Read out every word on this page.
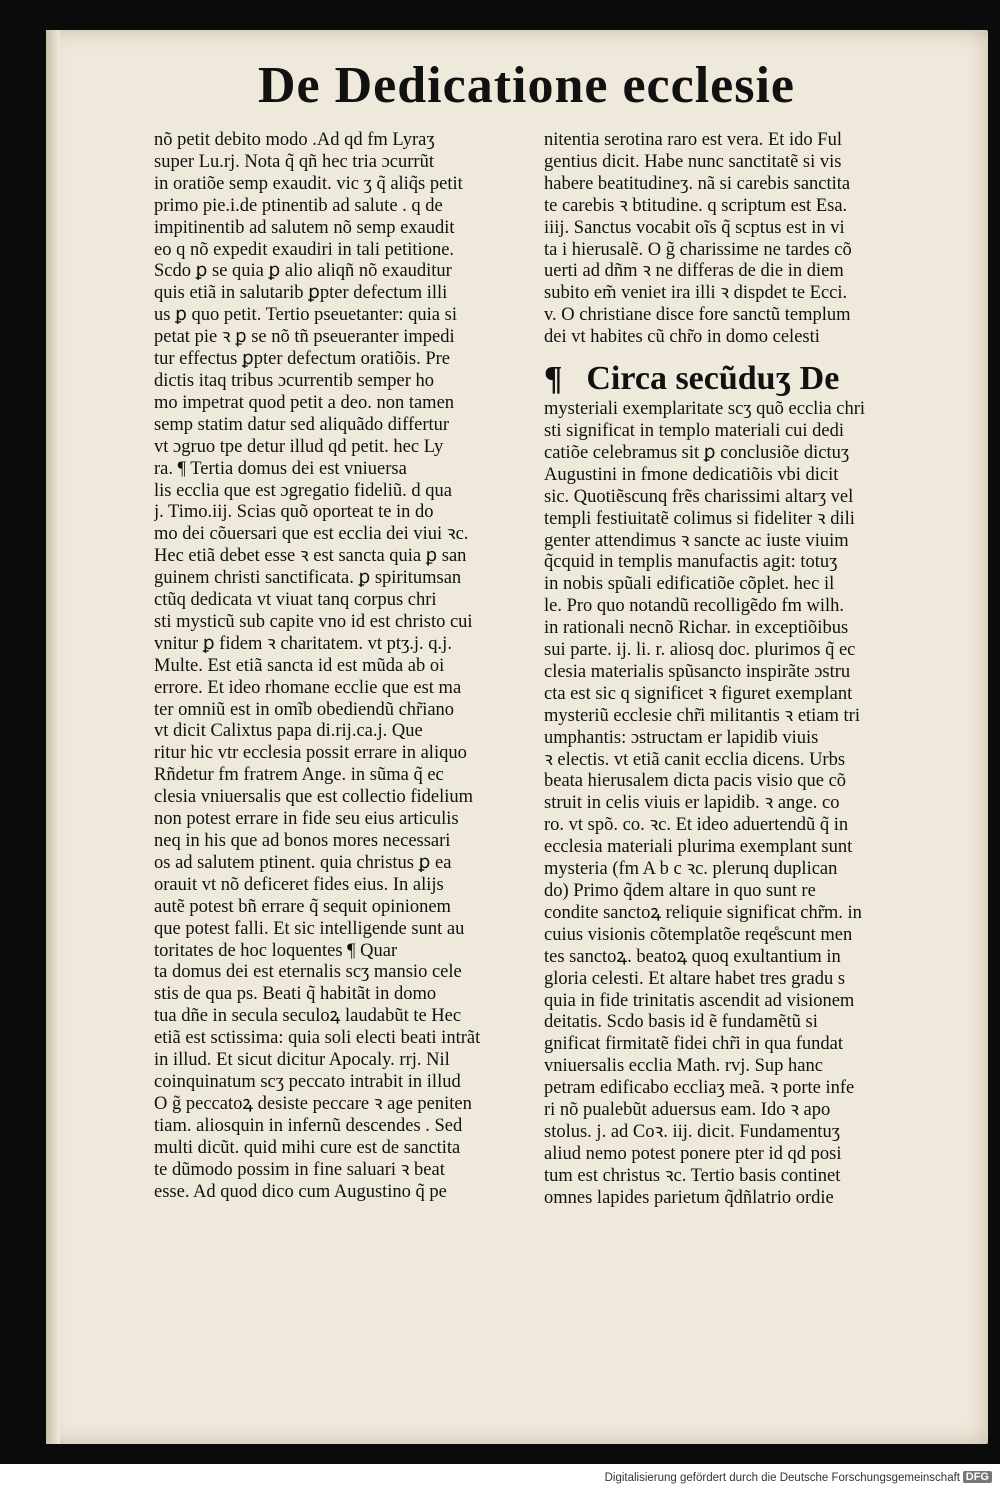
De Dedicatione ecclesie
nõ petit debito modo .Ad qd̃ fm Lyraʒ
super Lu.rj. Nota q̃ qñ hec tria ɔcurrũt
in oratiõe semp exaudit. vic ʒ q̃ aliq̃s petit
primo pie.i.de ptinentib ad salute . q de
impitinentib ad salutem nõ semp exaudit
eo q nõ expedit exaudiri in tali petitione.
Scd̃o ꝑ se quia ꝑ alio aliqñ nõ exauditur
quis etiã in salutarib ꝑpter defectum illi
us ꝑ quo petit. Tertio pseuetanter: quia si
petat pie ꝛ ꝑ se nõ tñ pseueranter impedi
tur effectus ꝑpter defectum oratiõis. Pre
dictis itaq tribus ɔcurrentib semper ho
mo impetrat quod petit a deo. non tamen
semp statim datur sed aliquãdo differtur
vt ɔgruo tpe detur illud qd̃ petit. hec Ly
ra. ¶ Tertia domus dei est vniuersa
lis eccl̃ia que est ɔgregatio fideliũ. d̃ qua
j. Timo.iij. Scias quõ oporteat te in do
mo dei cõuersari que est eccl̃ia dei viui ꝛc.
Hec etiã debet esse ꝛ est sancta quia ꝑ san
guinem christi sanctificata. ꝑ spiritumsan
ctũq dedicata vt viuat tanq corpus chri
sti mysticũ sub capite vno id est christo cui
vnitur ꝑ fidem ꝛ charitatem. vt ptʒ.j. q.j.
Multe. Est etiã sancta id est mũda ab oi
errore. Et ideo rhomane eccl̃ie que est ma
ter omniũ est in omĩb obediendũ chr̃iano
vt dicit Calixtus papa di.rij.ca.j. Que
ritur hic vtr ecclesia possit errare in aliquo
Rñdetur fm fratrem Ange. in sũma q̃ ec
clesia vniuersalis que est collectio fidelium
non potest errare in fide seu eius articulis
neq in his que ad bonos mores necessari
os ad salutem ptinent. quia christus ꝑ ea
orauit vt nõ deficeret fides eius. In alijs
autẽ potest bñ errare q̃ sequit opinionem
que potest falli. Et sic intelligende sunt au
toritates de hoc loquentes ¶ Quar
ta domus dei est eternalis scʒ mansio cele
stis de qua ps. Beati q̃ habitãt in domo
tua dñe in secula seculoꝝ laudabũt te Hec
etiã est sctissima: quia soli electi beati intrãt
in illud. Et sicut dicitur Apocaly. rrj. Nil
coinquinatum scʒ peccato intrabit in illud
O g̃ peccatoꝝ desiste peccare ꝛ age peniten
tiam. aliosquin in infernũ descendes . Sed
multi dicũt. quid mihi cure est de sanctita
te dũmodo possim in fine saluari ꝛ beat
esse. Ad quod dico cum Augustino q̃ pe
nitentia serotina raro est vera. Et id̃o Ful
gentius dicit. Habe nunc sanctitatẽ si vis
habere beatitudineʒ. nã si carebis sanctita
te carebis ꝛ btitudine. q scriptum est Esa.
iiij. Sanctus vocabit oĩs q̃ scptus est in vi
ta i hierusalẽ. O g̃ charissime ne tardes cõ
uerti ad dñm ꝛ ne differas de die in diem
subito em̃ veniet ira illi ꝛ dispdet te Ecci.
v. O christiane disce fore sanctũ templum
dei vt habites cũ chr̃o in domo celesti
¶ Circa secũduʒ De
mysteriali exemplaritate scʒ quõ eccl̃ia chri
sti significat in templo materiali cui dedi
catiõe celebramus sit ꝑ conclusiõe dictuʒ
Augustini in fmone dedicatiõis vbi dicit
sic. Quotiẽscunq frẽs charissimi altarʒ vel
templi festiuitatẽ colimus si fideliter ꝛ dili
genter attendimus ꝛ sancte ac iuste viuim
q̃cquid in templis manufactis agit: totuʒ
in nobis spũali edificatiõe cõplet. hec il
le. Pro quo notandũ recolligẽdo fm wilh.
in rationali necnõ Richar. in exceptiõibus
sui parte. ij. li. r. aliosq doc. plurimos q̃ ec
clesia materialis spũsancto inspirãte ɔstru
cta est sic q significet ꝛ figuret exemplant
mysteriũ ecclesie chr̃i militantis ꝛ etiam tri
umphantis: ɔstructam er lapidib viuis
ꝛ electis. vt etiã canit eccl̃ia dicens. Urbs
beata hierusalem dicta pacis visio que cõ
struit in celis viuis er lapidib. ꝛ ange. co
ro. vt spõ. co. ꝛc. Et ideo aduertendũ q̃ in
ecclesia materiali plurima exemplant sunt
mysteria (fm A b c ꝛc. plerunq duplican
do) Primo q̃dem altare in quo sunt re
condite sanctoꝝ reliquie significat chr̃m. in
cuius visionis cõtemplatõe reqe̊scunt men
tes sanctoꝝ. beatoꝝ quoq exultantium in
gloria celesti. Et altare habet tres gradu s
quia in fide trinitatis ascendit ad visionem
deitatis. Scd̃o basis id ẽ fundamẽtũ si
gnificat firmitatẽ fidei chr̃i in qua fundat
vniuersalis eccl̃ia Math. rvj. Sup hanc
petram edificabo eccl̃iaʒ meã. ꝛ porte infe
ri nõ pualebũt aduersus eam. Id̃o ꝛ apo
stolus. j. ad Coꝛ. iij. dicit. Fundamentuʒ
aliud nemo potest ponere pter id qd̃ posi
tum est christus ꝛc. Tertio basis continet
omnes lapides parietum q̃dñlatrio ordie
Digitalisierung gefördert durch die Deutsche Forschungsgemeinschaft DFG
